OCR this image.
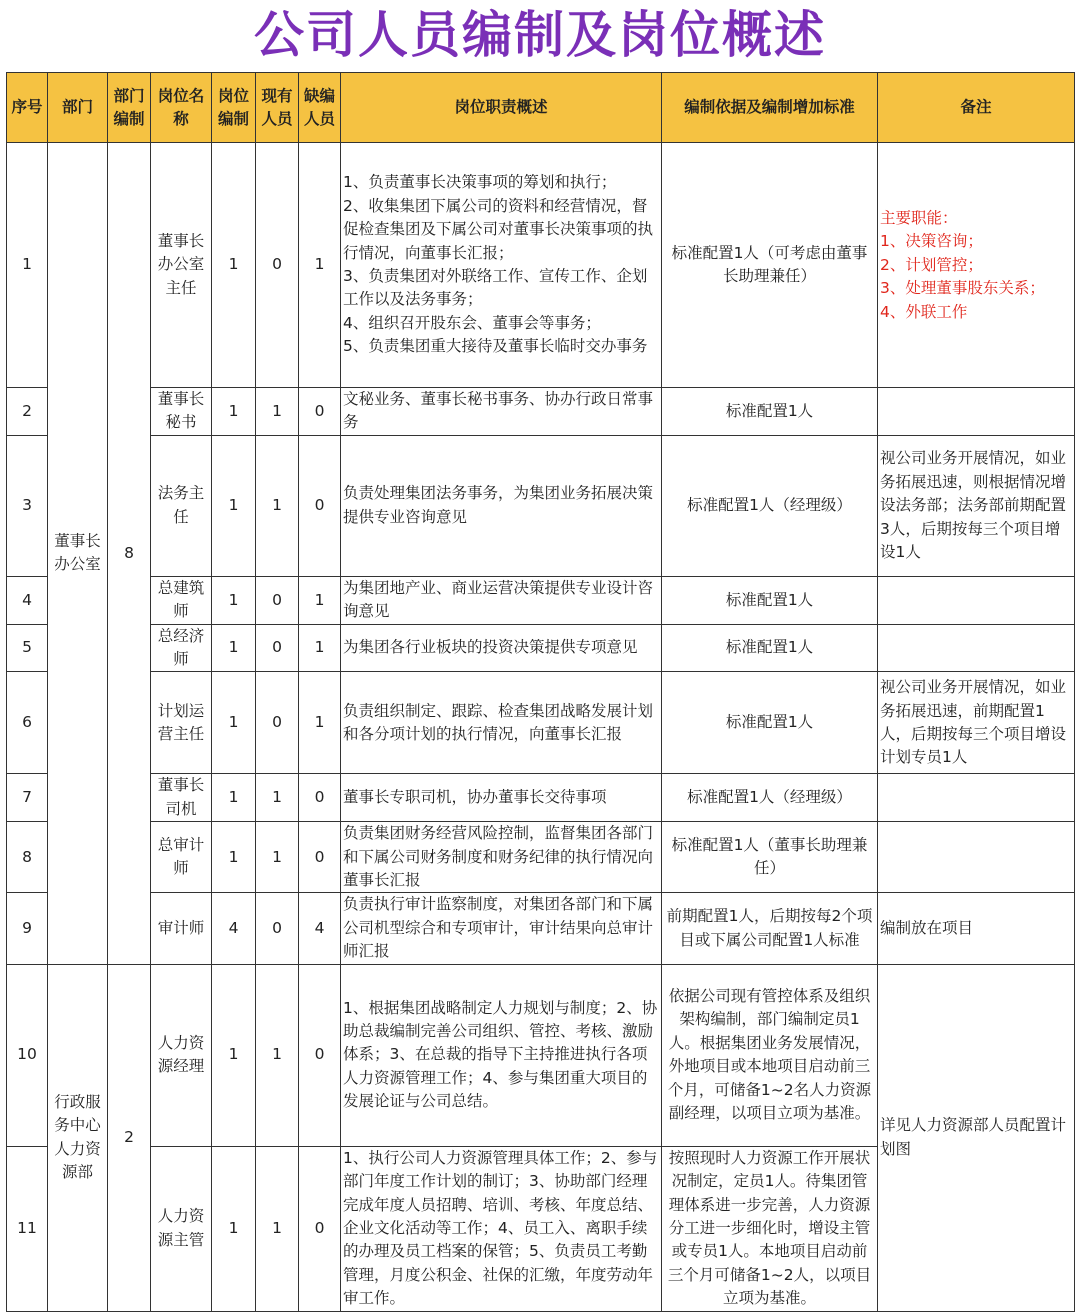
公司人员编制及岗位概述
序号	部门	部门编制	岗位名称	岗位编制	现有人员	缺编人员	岗位职责概述	编制依据及编制增加标准	备注
1	董事长办公室	8	董事长办公室主任	1	0	1	1、负责董事长决策事项的筹划和执行；
2、收集集团下属公司的资料和经营情况，督促检查集团及下属公司对董事长决策事项的执行情况，向董事长汇报；
3、负责集团对外联络工作、宣传工作、企划工作以及法务事务；
4、组织召开股东会、董事会等事务；
5、负责集团重大接待及董事长临时交办事务	标准配置1人（可考虑由董事长助理兼任）	主要职能：
1、决策咨询；
2、计划管控；
3、处理董事股东关系；
4、外联工作
2			董事长秘书	1	1	0	文秘业务、董事长秘书事务、协办行政日常事务	标准配置1人	
3			法务主任	1	1	0	负责处理集团法务事务，为集团业务拓展决策提供专业咨询意见	标准配置1人（经理级）	视公司业务开展情况，如业务拓展迅速，则根据情况增设法务部；法务部前期配置3人，后期按每三个项目增设1人
4			总建筑师	1	0	1	为集团地产业、商业运营决策提供专业设计咨询意见	标准配置1人	
5			总经济师	1	0	1	为集团各行业板块的投资决策提供专项意见	标准配置1人	
6			计划运营主任	1	0	1	负责组织制定、跟踪、检查集团战略发展计划和各分项计划的执行情况，向董事长汇报	标准配置1人	视公司业务开展情况，如业务拓展迅速，前期配置1人，后期按每三个项目增设计划专员1人
7			董事长司机	1	1	0	董事长专职司机，协办董事长交待事项	标准配置1人（经理级）	
8			总审计师	1	1	0	负责集团财务经营风险控制，监督集团各部门和下属公司财务制度和财务纪律的执行情况向董事长汇报	标准配置1人（董事长助理兼任）	
9			审计师	4	0	4	负责执行审计监察制度，对集团各部门和下属公司机型综合和专项审计，审计结果向总审计师汇报	前期配置1人，后期按每2个项目或下属公司配置1人标准	编制放在项目
10	行政服务中心人力资源部	2	人力资源经理	1	1	0	1、根据集团战略制定人力规划与制度；2、协助总裁编制完善公司组织、管控、考核、激励体系；3、在总裁的指导下主持推进执行各项人力资源管理工作；4、参与集团重大项目的发展论证与公司总结。	依据公司现有管控体系及组织架构编制，部门编制定员1人。根据集团业务发展情况，外地项目或本地项目启动前三个月，可储备1~2名人力资源副经理，以项目立项为基准。	详见人力资源部人员配置计划图
11			人力资源主管	1	1	0	1、执行公司人力资源管理具体工作；2、参与部门年度工作计划的制订；3、协助部门经理完成年度人员招聘、培训、考核、年度总结、企业文化活动等工作；4、员工入、离职手续的办理及员工档案的保管；5、负责员工考勤管理，月度公积金、社保的汇缴，年度劳动年审工作。	按照现时人力资源工作开展状况制定，定员1人。待集团管理体系进一步完善，人力资源分工进一步细化时，增设主管或专员1人。本地项目启动前三个月可储备1~2人，以项目立项为基准。	
